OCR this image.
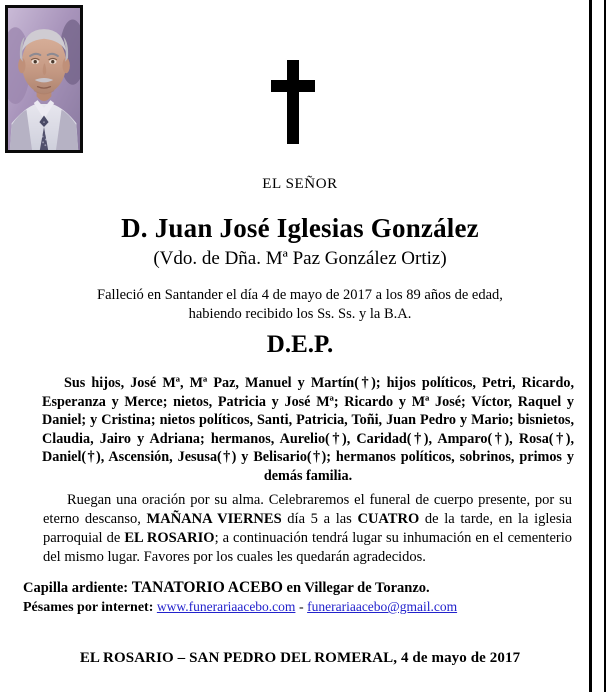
EL SEÑOR
D. Juan José Iglesias González
(Vdo. de Dña. Mª Paz González Ortiz)
Falleció en Santander el día 4 de mayo de 2017 a los 89 años de edad,
habiendo recibido los Ss. Ss. y la B.A.
D.E.P.
Sus hijos, José Mª, Mª Paz, Manuel y Martín(†); hijos políticos, Petri, Ricardo, Esperanza y Merce; nietos, Patricia y José Mª; Ricardo y Mª José; Víctor, Raquel y Daniel; y Cristina; nietos políticos, Santi, Patricia, Toñi, Juan Pedro y Mario; bisnietos, Claudia, Jairo y Adriana; hermanos, Aurelio(†), Caridad(†), Amparo(†), Rosa(†), Daniel(†), Ascensión, Jesusa(†) y Belisario(†); hermanos políticos, sobrinos, primos y demás familia.
Ruegan una oración por su alma. Celebraremos el funeral de cuerpo presente, por su eterno descanso, MAÑANA VIERNES día 5 a las CUATRO de la tarde, en la iglesia parroquial de EL ROSARIO; a continuación tendrá lugar su inhumación en el cementerio del mismo lugar. Favores por los cuales les quedarán agradecidos.
Capilla ardiente: TANATORIO ACEBO en Villegar de Toranzo.
Pésames por internet: www.funerariaacebo.com - funerariaacebo@gmail.com
EL ROSARIO – SAN PEDRO DEL ROMERAL, 4 de mayo de 2017
